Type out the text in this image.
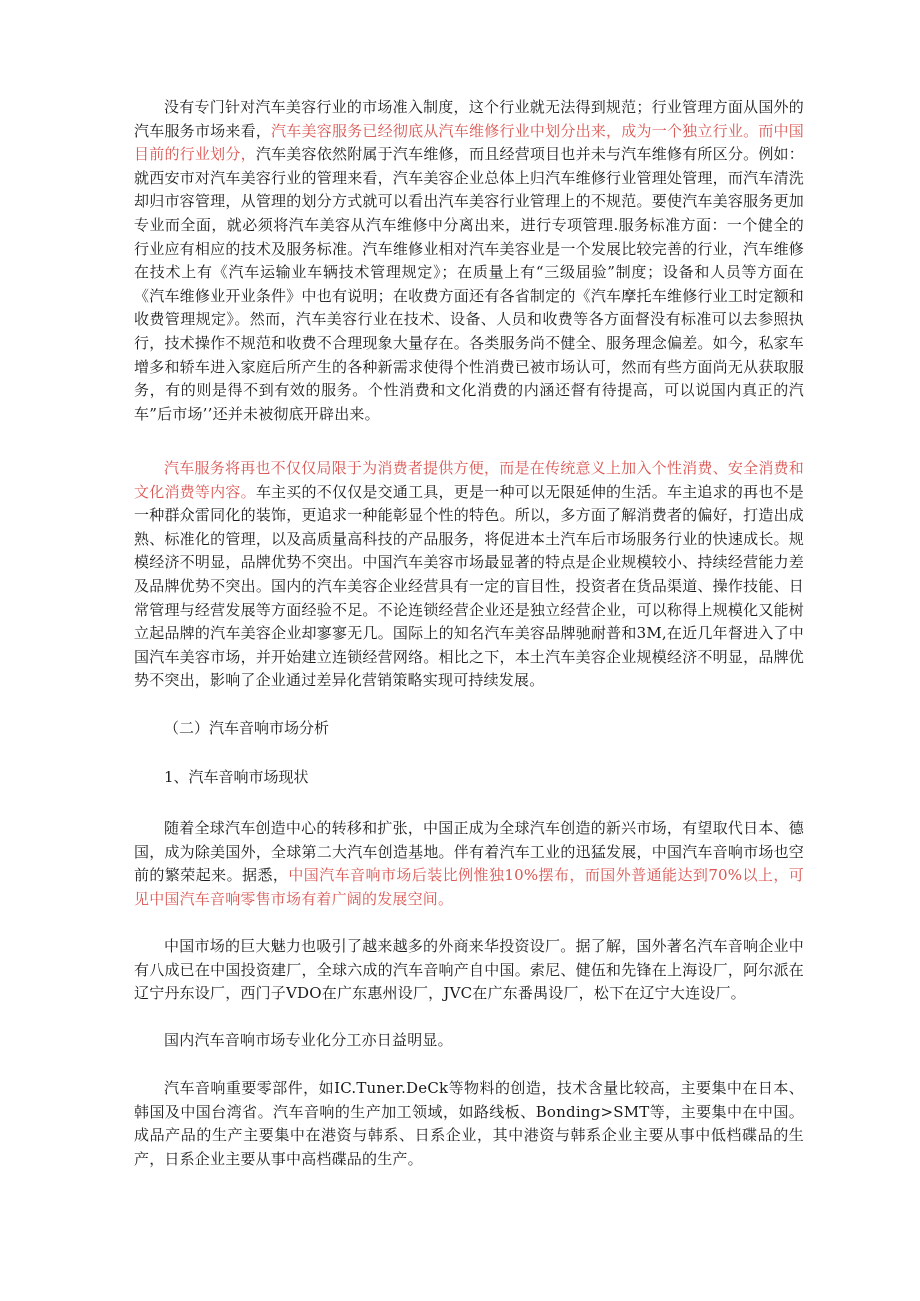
没有专门针对汽车美容行业的市场准入制度，这个行业就无法得到规范；行业管理方面从国外的汽车服务市场来看，汽车美容服务已经彻底从汽车维修行业中划分出来，成为一个独立行业。而中国目前的行业划分，汽车美容依然附属于汽车维修，而且经营项目也并未与汽车维修有所区分。例如：就西安市对汽车美容行业的管理来看，汽车美容企业总体上归汽车维修行业管理处管理，而汽车清洗却归市容管理，从管理的划分方式就可以看出汽车美容行业管理上的不规范。要使汽车美容服务更加专业而全面，就必须将汽车美容从汽车维修中分离出来，进行专项管理.服务标准方面：一个健全的行业应有相应的技术及服务标准。汽车维修业相对汽车美容业是一个发展比较完善的行业，汽车维修在技术上有《汽车运输业车辆技术管理规定》；在质量上有“三级届验”制度；设备和人员等方面在《汽车维修业开业条件》中也有说明；在收费方面还有各省制定的《汽车摩托车维修行业工时定额和收费管理规定》。然而，汽车美容行业在技术、设备、人员和收费等各方面督没有标准可以去参照执行，技术操作不规范和收费不合理现象大量存在。各类服务尚不健全、服务理念偏差。如今，私家车增多和轿车进入家庭后所产生的各种新需求使得个性消费已被市场认可，然而有些方面尚无从获取服务，有的则是得不到有效的服务。个性消费和文化消费的内涵还督有待提高，可以说国内真正的汽车”后市场’’还并未被彻底开辟出来。

汽车服务将再也不仅仅局限于为消费者提供方便，而是在传统意义上加入个性消费、安全消费和文化消费等内容。车主买的不仅仅是交通工具，更是一种可以无限延伸的生活。车主追求的再也不是一种群众雷同化的装饰，更追求一种能彰显个性的特色。所以，多方面了解消费者的偏好，打造出成熟、标准化的管理，以及高质量高科技的产品服务，将促进本土汽车后市场服务行业的快速成长。规模经济不明显，品牌优势不突出。中国汽车美容市场最显著的特点是企业规模较小、持续经营能力差及品牌优势不突出。国内的汽车美容企业经营具有一定的盲目性，投资者在货品渠道、操作技能、日常管理与经营发展等方面经验不足。不论连锁经营企业还是独立经营企业，可以称得上规模化又能树立起品牌的汽车美容企业却寥寥无几。国际上的知名汽车美容品牌驰耐普和3M,在近几年督进入了中国汽车美容市场，并开始建立连锁经营网络。相比之下，本土汽车美容企业规模经济不明显，品牌优势不突出，影响了企业通过差异化营销策略实现可持续发展。

（二）汽车音响市场分析

1、汽车音响市场现状

随着全球汽车创造中心的转移和扩张，中国正成为全球汽车创造的新兴市场，有望取代日本、德国，成为除美国外，全球第二大汽车创造基地。伴有着汽车工业的迅猛发展，中国汽车音响市场也空前的繁荣起来。据悉，中国汽车音响市场后装比例惟独10%摆布，而国外普通能达到70%以上，可见中国汽车音响零售市场有着广阔的发展空间。

中国市场的巨大魅力也吸引了越来越多的外商来华投资设厂。据了解，国外著名汽车音响企业中有八成已在中国投资建厂，全球六成的汽车音响产自中国。索尼、健伍和先锋在上海设厂，阿尔派在辽宁丹东设厂，西门子VDO在广东惠州设厂，JVC在广东番禺设厂，松下在辽宁大连设厂。

国内汽车音响市场专业化分工亦日益明显。

汽车音响重要零部件，如IC.Tuner.DeCk等物料的创造，技术含量比较高，主要集中在日本、韩国及中国台湾省。汽车音响的生产加工领域，如路线板、Bonding>SMT等，主要集中在中国。成品产品的生产主要集中在港资与韩系、日系企业，其中港资与韩系企业主要从事中低档碟品的生产，日系企业主要从事中高档碟品的生产。
